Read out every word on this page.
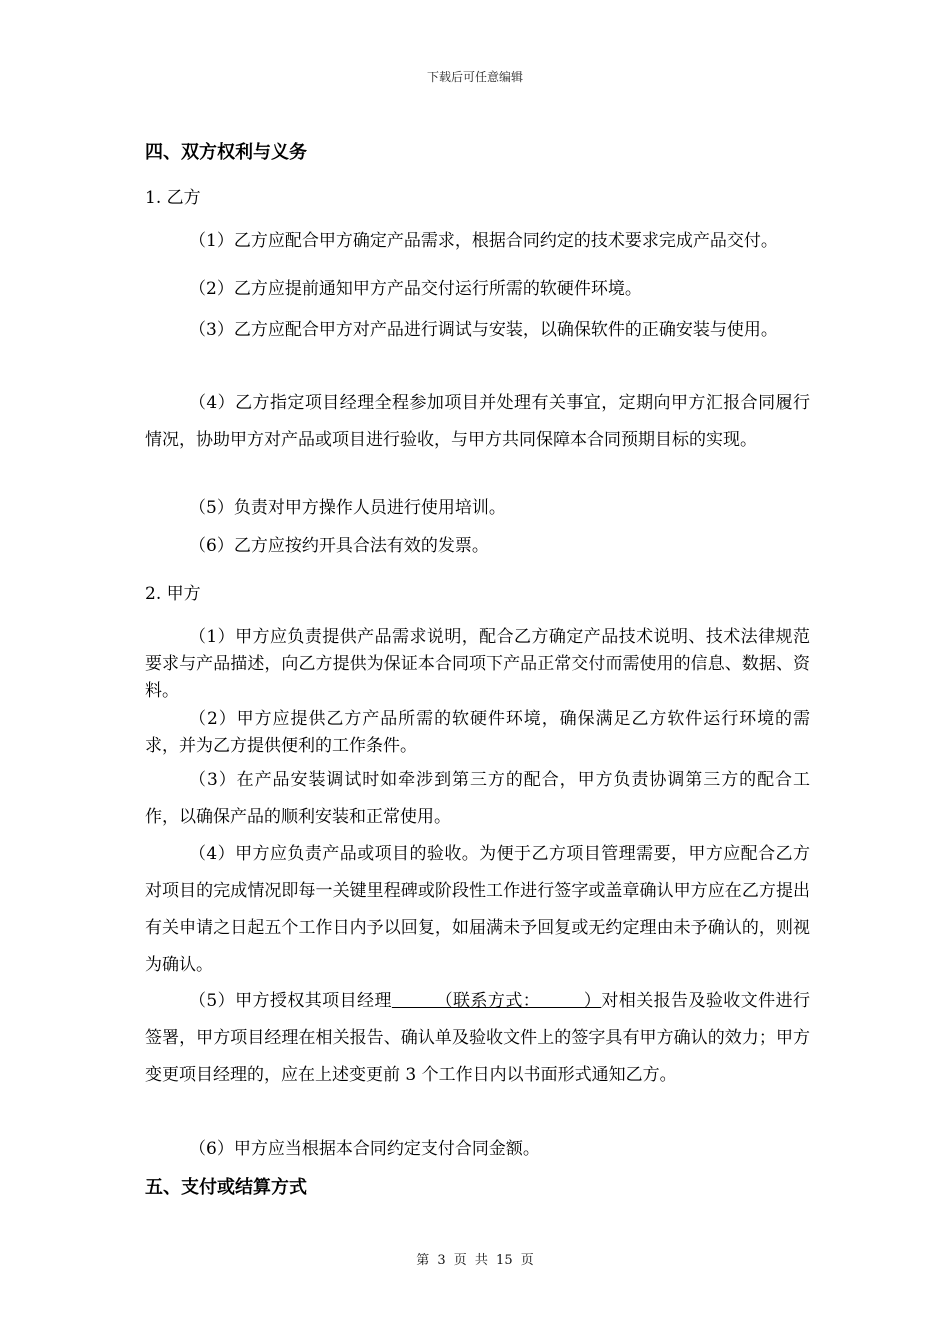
下载后可任意编辑
四、双方权利与义务
1. 乙方
（1）乙方应配合甲方确定产品需求，根据合同约定的技术要求完成产品交付。
（2）乙方应提前通知甲方产品交付运行所需的软硬件环境。
（3）乙方应配合甲方对产品进行调试与安装，以确保软件的正确安装与使用。
（4）乙方指定项目经理全程参加项目并处理有关事宜，定期向甲方汇报合同履行情况，协助甲方对产品或项目进行验收，与甲方共同保障本合同预期目标的实现。
（5）负责对甲方操作人员进行使用培训。
（6）乙方应按约开具合法有效的发票。
2. 甲方
（1）甲方应负责提供产品需求说明，配合乙方确定产品技术说明、技术法律规范要求与产品描述，向乙方提供为保证本合同项下产品正常交付而需使用的信息、数据、资料。
（2）甲方应提供乙方产品所需的软硬件环境，确保满足乙方软件运行环境的需求，并为乙方提供便利的工作条件。
（3）在产品安装调试时如牵涉到第三方的配合，甲方负责协调第三方的配合工作，以确保产品的顺利安装和正常使用。
（4）甲方应负责产品或项目的验收。为便于乙方项目管理需要，甲方应配合乙方对项目的完成情况即每一关键里程碑或阶段性工作进行签字或盖章确认甲方应在乙方提出有关申请之日起五个工作日内予以回复，如届满未予回复或无约定理由未予确认的，则视为确认。
（5）甲方授权其项目经理　　　（联系方式：　　　）对相关报告及验收文件进行签署，甲方项目经理在相关报告、确认单及验收文件上的签字具有甲方确认的效力；甲方变更项目经理的，应在上述变更前 3 个工作日内以书面形式通知乙方。
（6）甲方应当根据本合同约定支付合同金额。
五、支付或结算方式
第 3 页 共 15 页
